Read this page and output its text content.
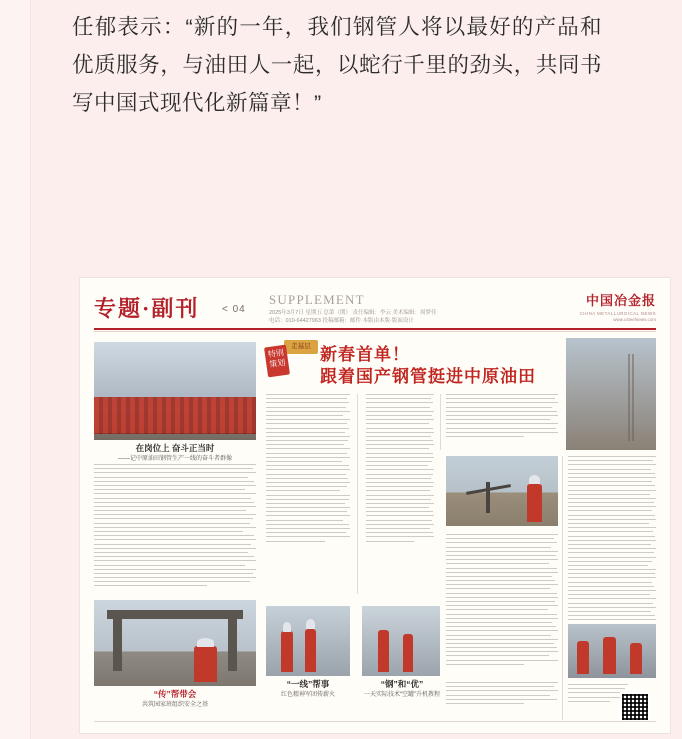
任郁表示：“新的一年，我们钢管人将以最好的产品和优质服务，与油田人一起，以蛇行千里的劲头，共同书写中国式现代化新篇章！”

专题·副刊 < 04
SUPPLEMENT
2025年3月7日 星期五 总第（期） 责任编辑：李云 美术编辑：周梦佳
电话：010-64427963 投稿邮箱：邮件 本版由本版·版面设计
中国冶金报
CHINA METALLURGICAL NEWS
www.csteelnews.com
在岗位上 奋斗正当时
——记中原油田钢管生产一线的奋斗者群像
走基层
特别策划 新春首单！
跟着国产钢管挺进中原油田
“传”帮带会
共筑园家班组织安全之基
“一线”帮事
红色精神军团传薪火
“钢”和“优”
一天实际技术“空罐”升机教程
